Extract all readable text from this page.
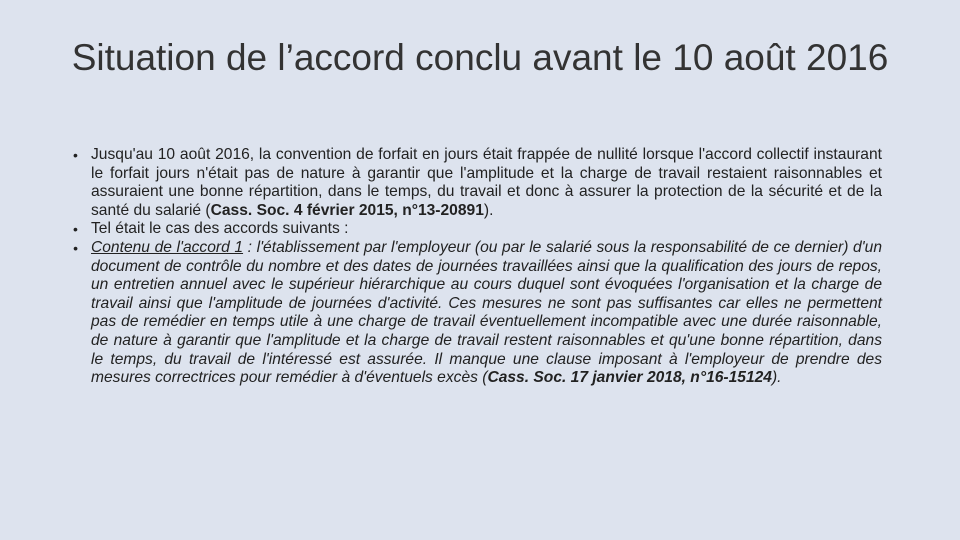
Situation de l’accord conclu avant le 10 août 2016
• Jusqu'au 10 août 2016, la convention de forfait en jours était frappée de nullité lorsque l'accord collectif instaurant le forfait jours n'était pas de nature à garantir que l'amplitude et la charge de travail restaient raisonnables et assuraient une bonne répartition, dans le temps, du travail et donc à assurer la protection de la sécurité et de la santé du salarié (Cass. Soc. 4 février 2015, n°13-20891).
• Tel était le cas des accords suivants :
• Contenu de l'accord 1 : l'établissement par l'employeur (ou par le salarié sous la responsabilité de ce dernier) d'un document de contrôle du nombre et des dates de journées travaillées ainsi que la qualification des jours de repos, un entretien annuel avec le supérieur hiérarchique au cours duquel sont évoquées l'organisation et la charge de travail ainsi que l'amplitude de journées d'activité. Ces mesures ne sont pas suffisantes car elles ne permettent pas de remédier en temps utile à une charge de travail éventuellement incompatible avec une durée raisonnable, de nature à garantir que l'amplitude et la charge de travail restent raisonnables et qu'une bonne répartition, dans le temps, du travail de l'intéressé est assurée. Il manque une clause imposant à l'employeur de prendre des mesures correctrices pour remédier à d'éventuels excès (Cass. Soc. 17 janvier 2018, n°16-15124).
